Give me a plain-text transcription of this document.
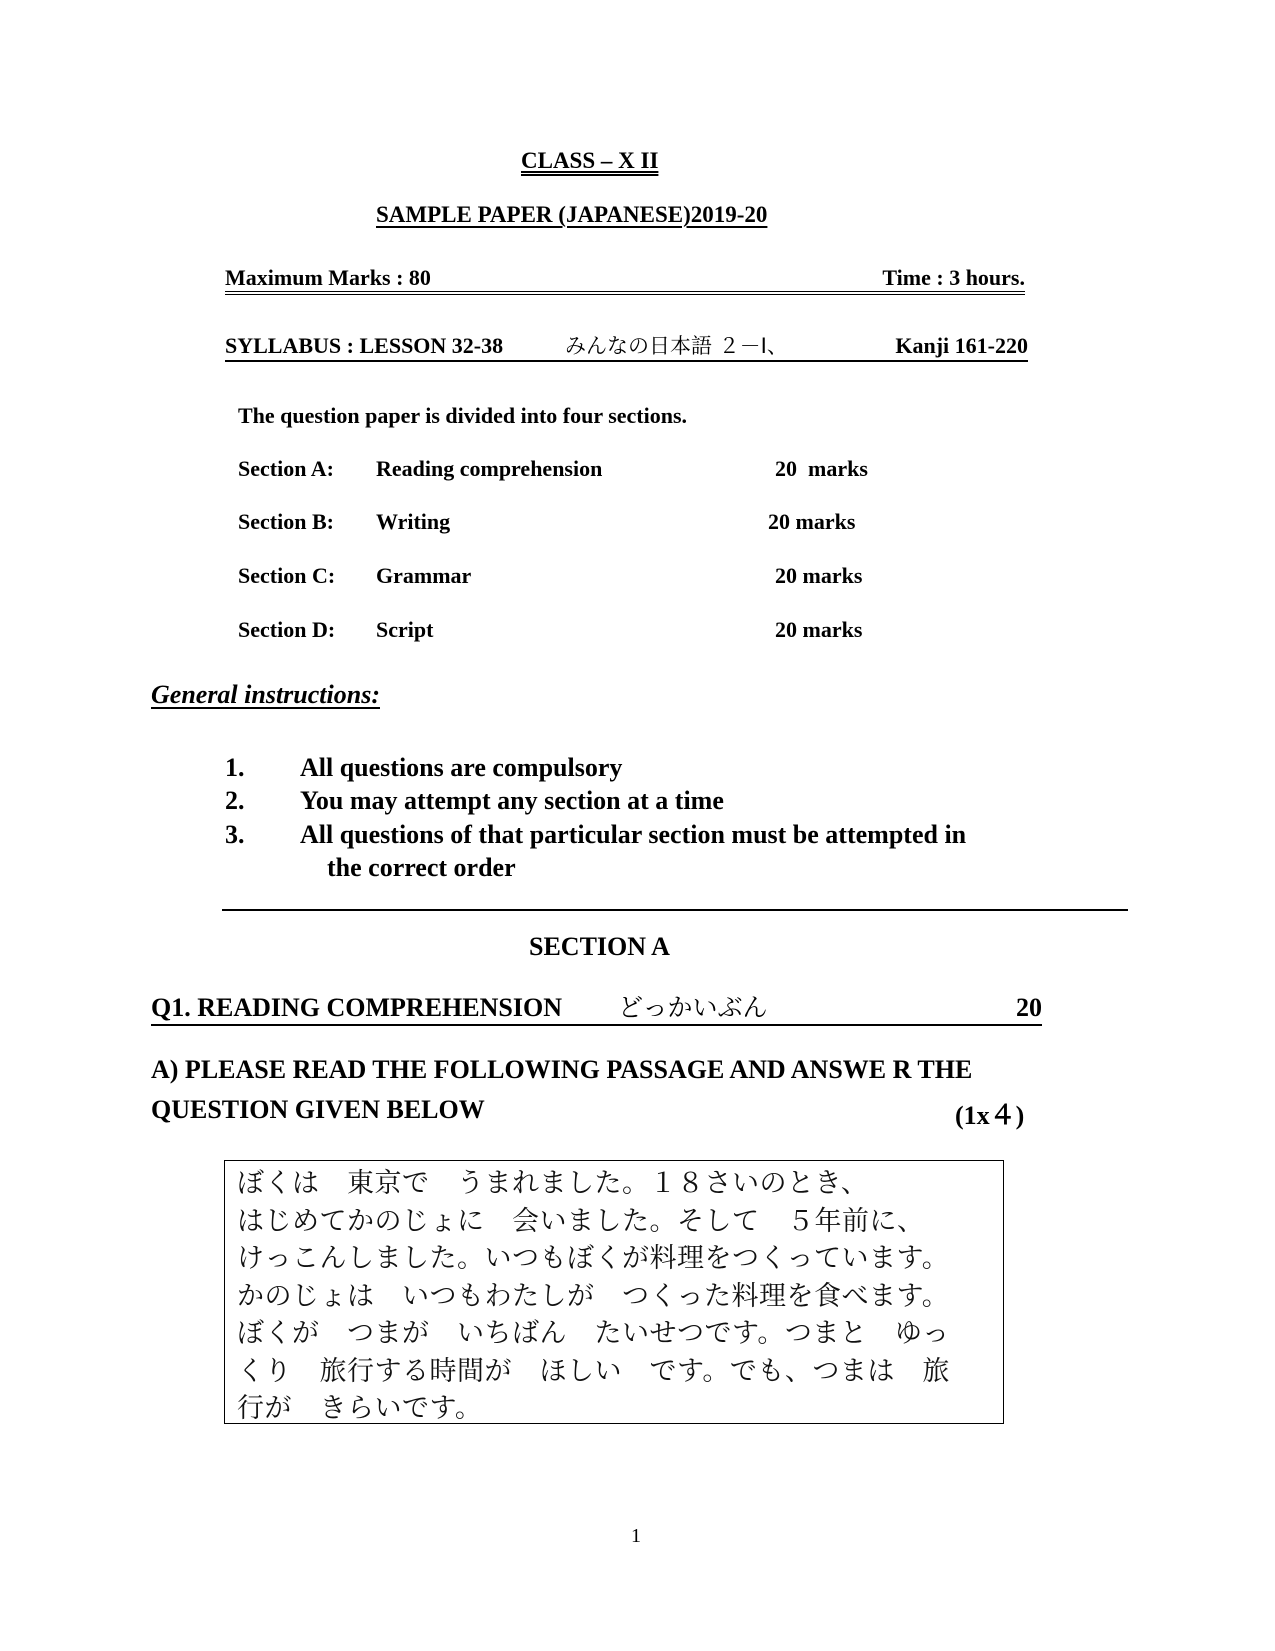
CLASS – X II
SAMPLE PAPER (JAPANESE)2019-20
Maximum Marks : 80	Time : 3 hours.
SYLLABUS : LESSON 32-38	みんなの日本語 ２－I、	Kanji 161-220
The question paper is divided into four sections.
Section A: Reading comprehension	20  marks
Section B: Writing	20 marks
Section C: Grammar	20 marks
Section D: Script	20 marks
General instructions:
1. All questions are compulsory
2. You may attempt any section at a time
3. All questions of that particular section must be attempted in
the correct order
SECTION A
Q1. READING COMPREHENSION どっかいぶん	20
A) PLEASE READ THE FOLLOWING PASSAGE AND ANSWE R THE
QUESTION GIVEN BELOW	(1x４)
ぼくは　東京で　うまれました。１８さいのとき、
はじめてかのじょに　会いました。そして　５年前に、
けっこんしました。いつもぼくが料理をつくっています。
かのじょは　いつもわたしが　つくった料理を食べます。
ぼくが　つまが　いちばん　たいせつです。つまと　ゆっ
くり　旅行する時間が　ほしい　です。でも、つまは　旅
行が　きらいです。
1
